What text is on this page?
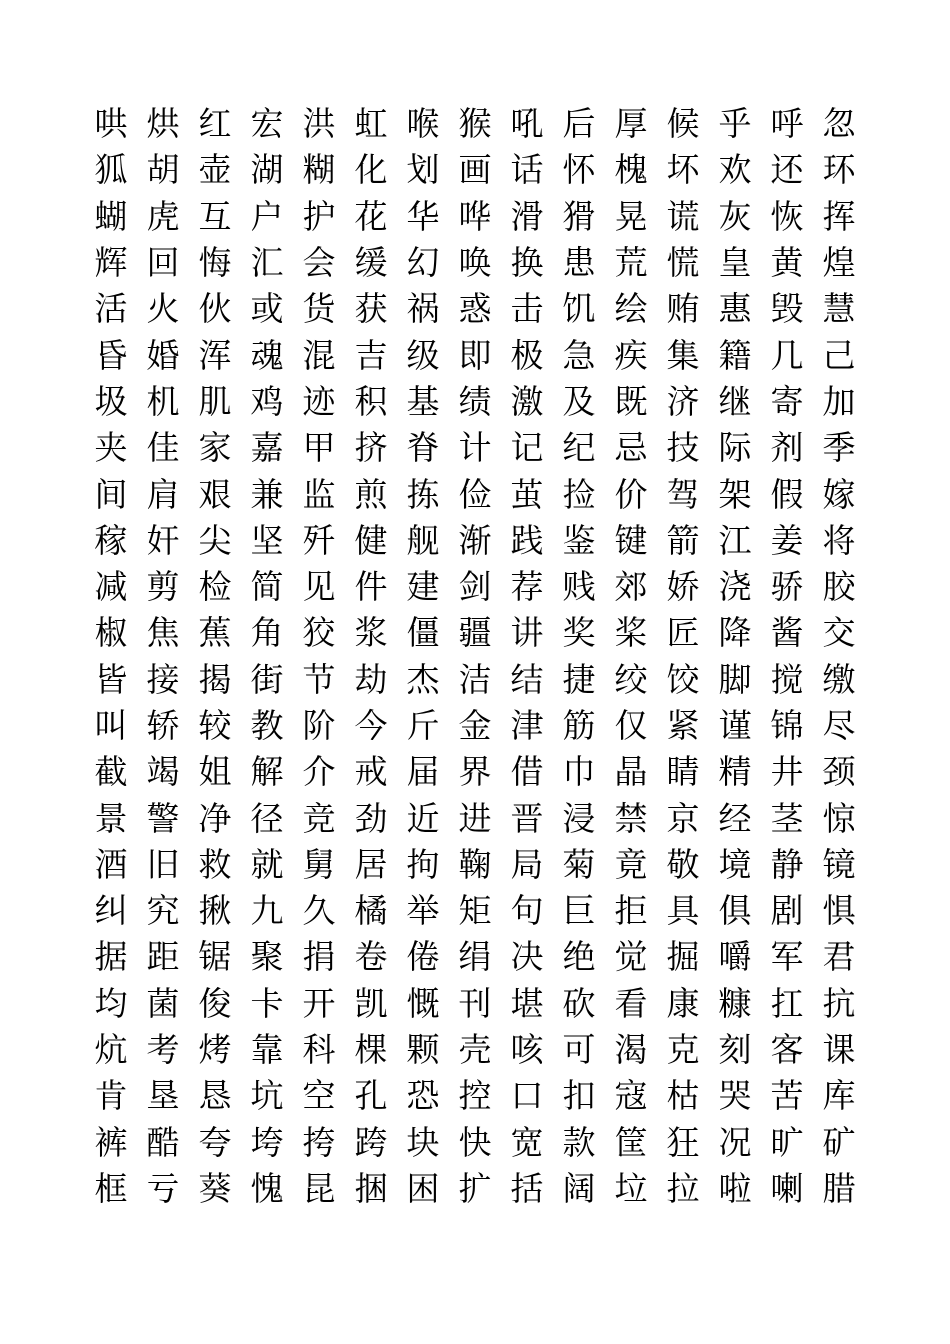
哄 烘 红 宏 洪 虹 喉 猴 吼 后 厚 候 乎 呼 忽
狐 胡 壶 湖 糊 化 划 画 话 怀 槐 坏 欢 还 环
蝴 虎 互 户 护 花 华 哗 滑 猾 晃 谎 灰 恢 挥
辉 回 悔 汇 会 缓 幻 唤 换 患 荒 慌 皇 黄 煌
活 火 伙 或 货 获 祸 惑 击 饥 绘 贿 惠 毁 慧
昏 婚 浑 魂 混 吉 级 即 极 急 疾 集 籍 几 己
圾 机 肌 鸡 迹 积 基 绩 激 及 既 济 继 寄 加
夹 佳 家 嘉 甲 挤 脊 计 记 纪 忌 技 际 剂 季
间 肩 艰 兼 监 煎 拣 俭 茧 捡 价 驾 架 假 嫁
稼 奸 尖 坚 歼 健 舰 渐 践 鉴 键 箭 江 姜 将
减 剪 检 简 见 件 建 剑 荐 贱 郊 娇 浇 骄 胶
椒 焦 蕉 角 狡 浆 僵 疆 讲 奖 桨 匠 降 酱 交
皆 接 揭 街 节 劫 杰 洁 结 捷 绞 饺 脚 搅 缴
叫 轿 较 教 阶 今 斤 金 津 筋 仅 紧 谨 锦 尽
截 竭 姐 解 介 戒 届 界 借 巾 晶 睛 精 井 颈
景 警 净 径 竞 劲 近 进 晋 浸 禁 京 经 茎 惊
酒 旧 救 就 舅 居 拘 鞠 局 菊 竟 敬 境 静 镜
纠 究 揪 九 久 橘 举 矩 句 巨 拒 具 俱 剧 惧
据 距 锯 聚 捐 卷 倦 绢 决 绝 觉 掘 嚼 军 君
均 菌 俊 卡 开 凯 慨 刊 堪 砍 看 康 糠 扛 抗
炕 考 烤 靠 科 棵 颗 壳 咳 可 渴 克 刻 客 课
肯 垦 恳 坑 空 孔 恐 控 口 扣 寇 枯 哭 苦 库
裤 酷 夸 垮 挎 跨 块 快 宽 款 筐 狂 况 旷 矿
框 亏 葵 愧 昆 捆 困 扩 括 阔 垃 拉 啦 喇 腊
